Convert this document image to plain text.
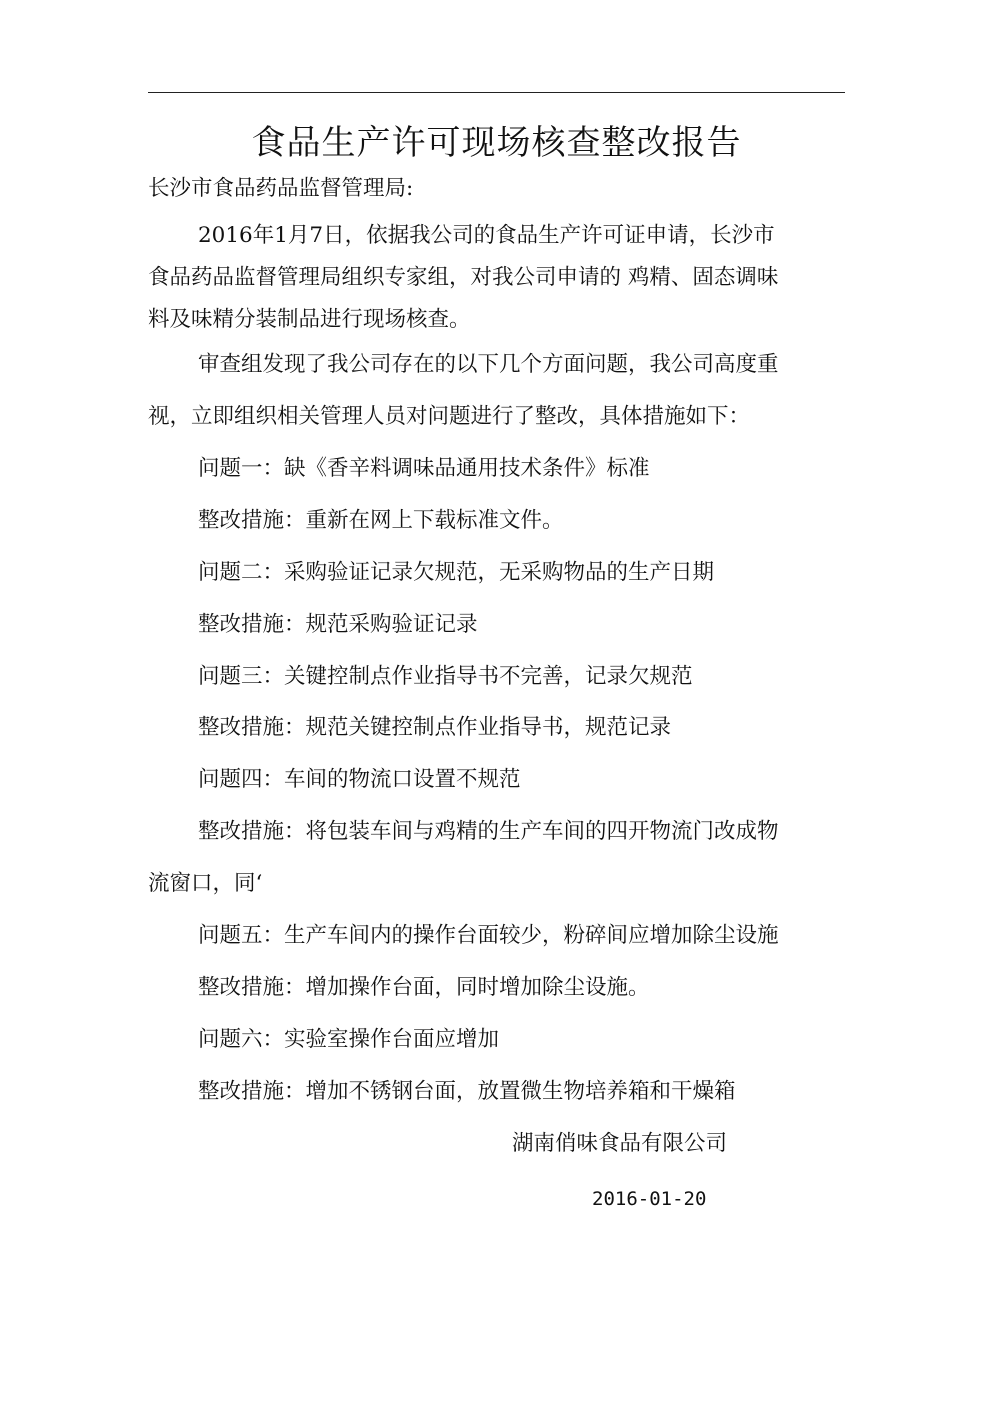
食品生产许可现场核查整改报告
长沙市食品药品监督管理局:
2016年1月7日，依据我公司的食品生产许可证申请，长沙市
食品药品监督管理局组织专家组，对我公司申请的 鸡精、固态调味
料及味精分装制品进行现场核查。
审查组发现了我公司存在的以下几个方面问题，我公司高度重
视，立即组织相关管理人员对问题进行了整改，具体措施如下：
问题一：缺《香辛料调味品通用技术条件》标准
整改措施：重新在网上下载标准文件。
问题二：采购验证记录欠规范，无采购物品的生产日期
整改措施：规范采购验证记录
问题三：关键控制点作业指导书不完善，记录欠规范
整改措施：规范关键控制点作业指导书，规范记录
问题四：车间的物流口设置不规范
整改措施：将包装车间与鸡精的生产车间的四开物流门改成物
流窗口，同‘
问题五：生产车间内的操作台面较少，粉碎间应增加除尘设施
整改措施：增加操作台面，同时增加除尘设施。
问题六：实验室操作台面应增加
整改措施：增加不锈钢台面，放置微生物培养箱和干燥箱
湖南俏味食品有限公司
2016-01-20
